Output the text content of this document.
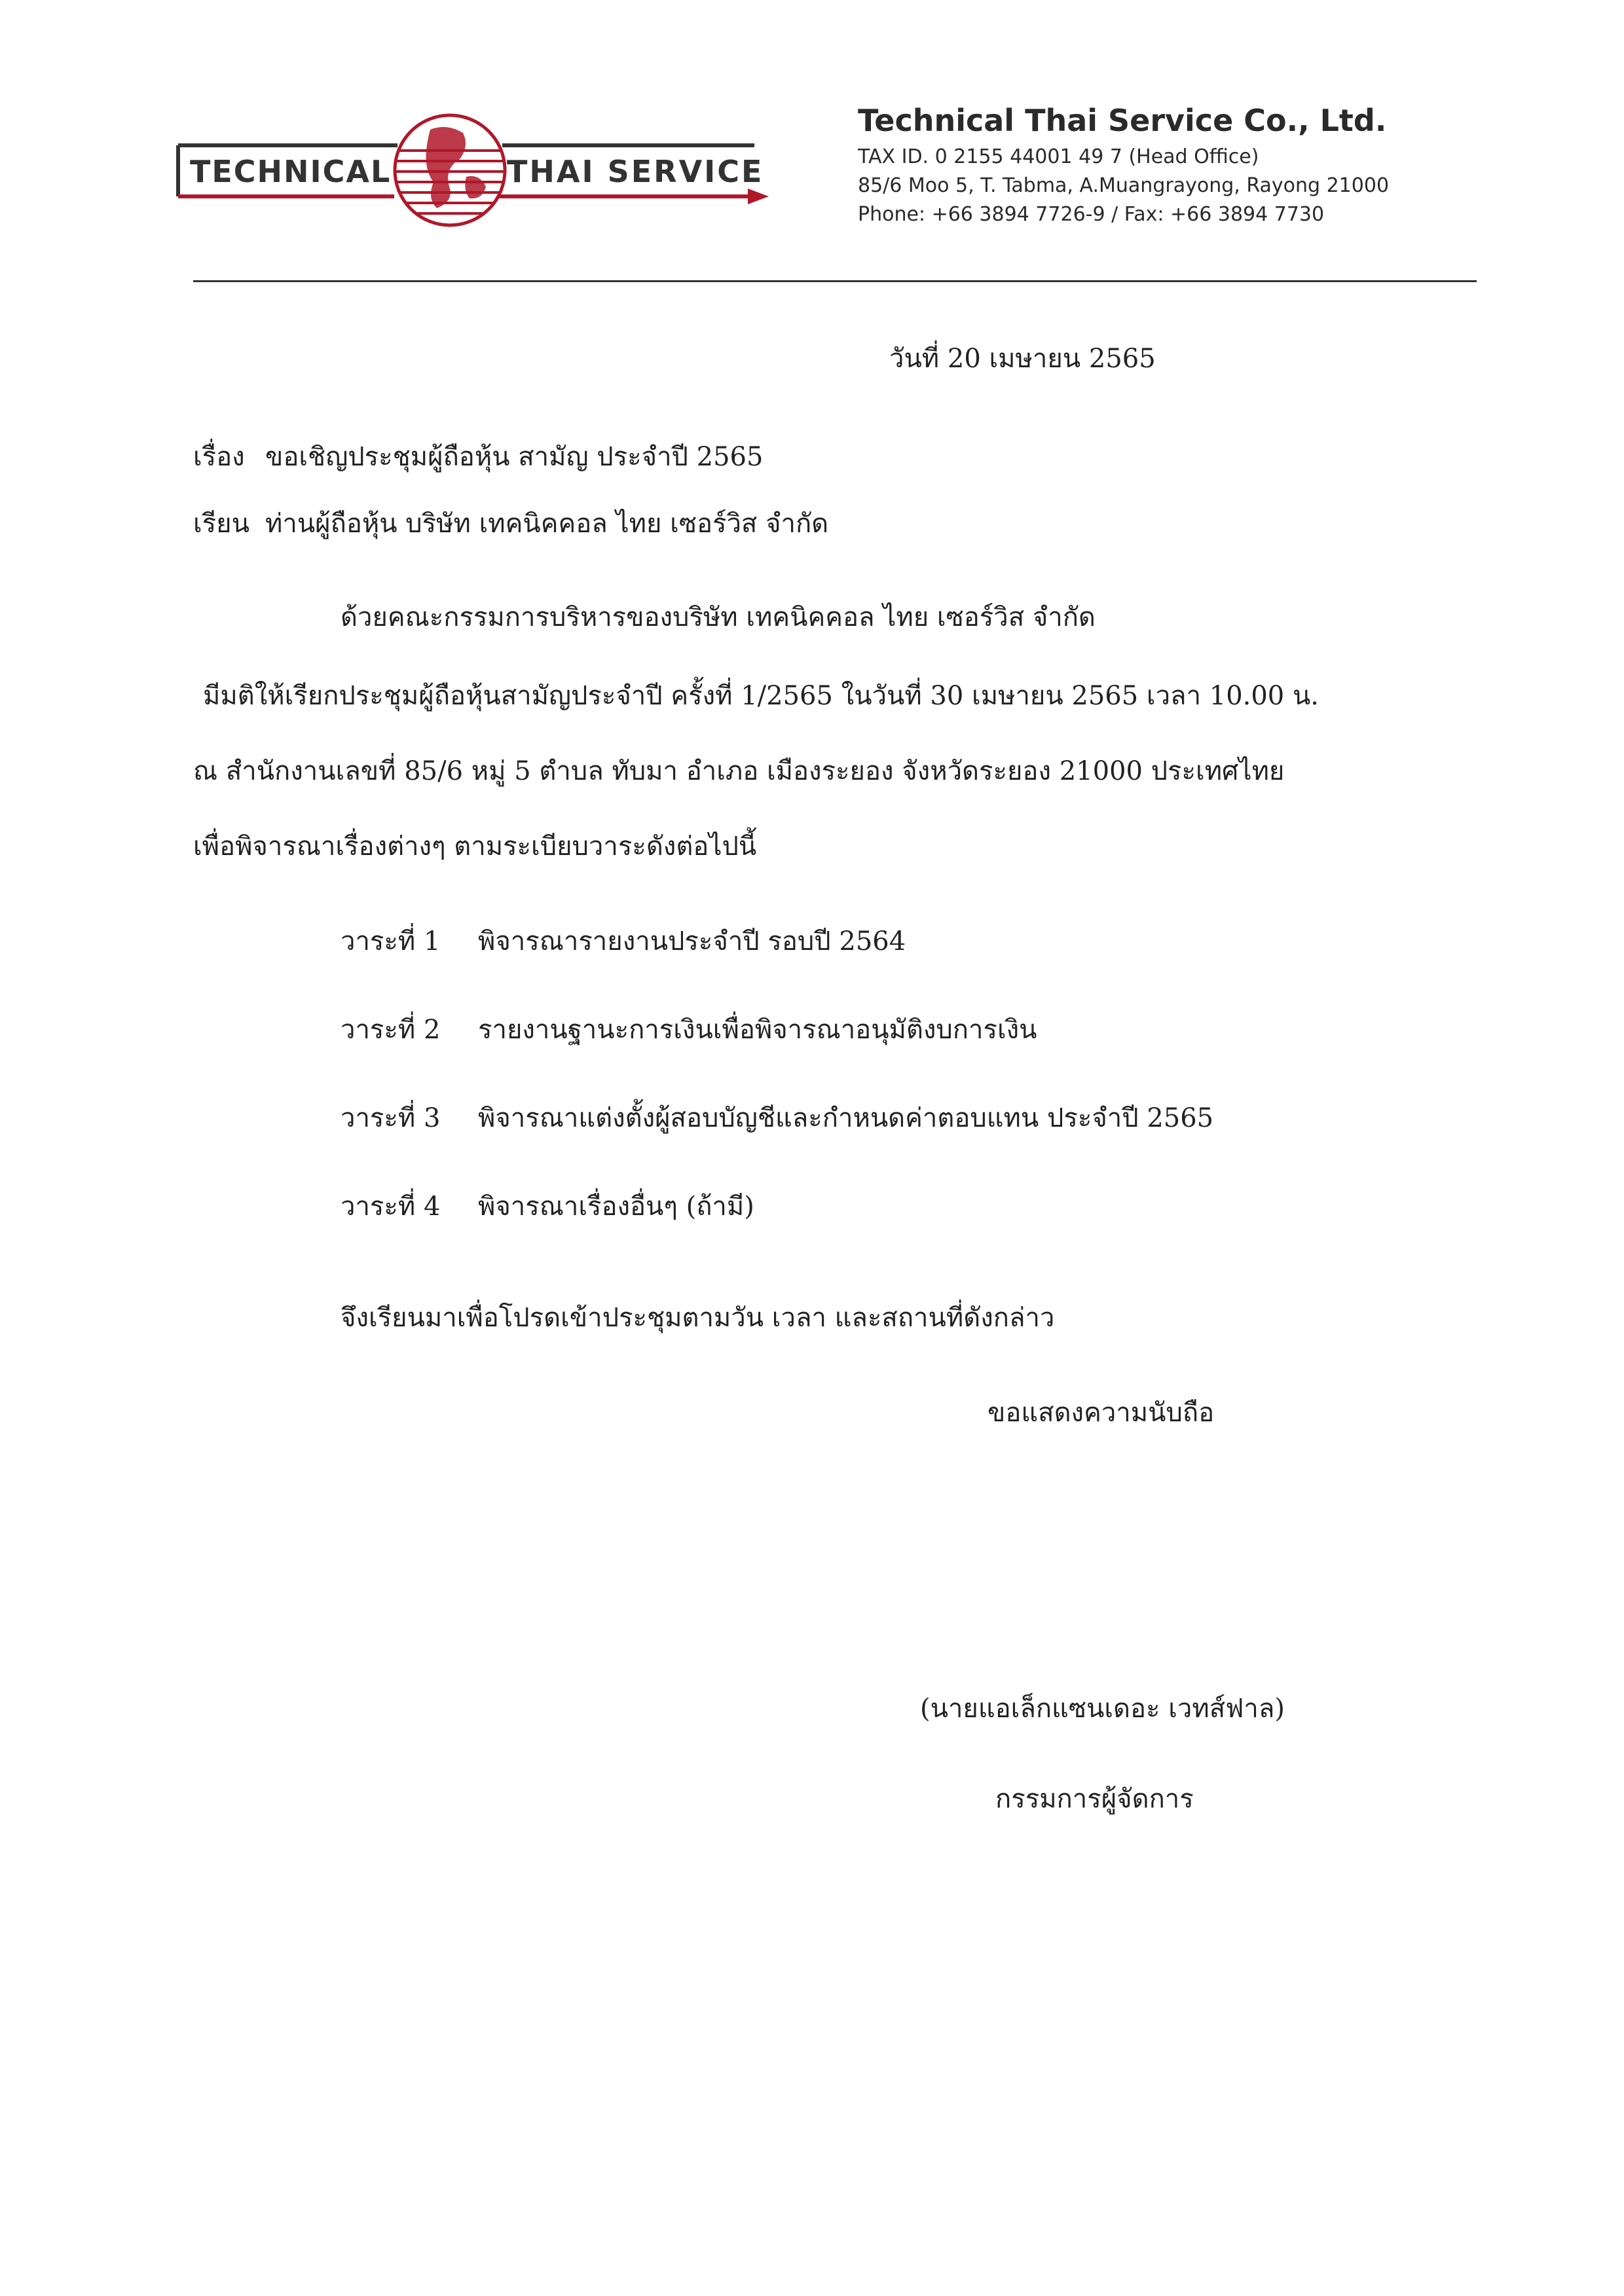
TECHNICAL	THAI SERVICE
Technical Thai Service Co., Ltd.
TAX ID. 0 2155 44001 49 7 (Head Office)
85/6 Moo 5, T. Tabma, A.Muangrayong, Rayong 21000
Phone: +66 3894 7726-9 / Fax: +66 3894 7730
วันที่ 20 เมษายน 2565
เรื่อง ขอเชิญประชุมผู้ถือหุ้น สามัญ ประจำปี 2565
เรียน ท่านผู้ถือหุ้น บริษัท เทคนิคคอล ไทย เซอร์วิส จำกัด
ด้วยคณะกรรมการบริหารของบริษัท เทคนิคคอล ไทย เซอร์วิส จำกัด
มีมติให้เรียกประชุมผู้ถือหุ้นสามัญประจำปี ครั้งที่ 1/2565 ในวันที่ 30 เมษายน 2565 เวลา 10.00 น.
ณ สำนักงานเลขที่ 85/6 หมู่ 5 ตำบล ทับมา อำเภอ เมืองระยอง จังหวัดระยอง 21000 ประเทศไทย
เพื่อพิจารณาเรื่องต่างๆ ตามระเบียบวาระดังต่อไปนี้
วาระที่ 1 พิจารณารายงานประจำปี รอบปี 2564
วาระที่ 2 รายงานฐานะการเงินเพื่อพิจารณาอนุมัติงบการเงิน
วาระที่ 3 พิจารณาแต่งตั้งผู้สอบบัญชีและกำหนดค่าตอบแทน ประจำปี 2565
วาระที่ 4 พิจารณาเรื่องอื่นๆ (ถ้ามี)
จึงเรียนมาเพื่อโปรดเข้าประชุมตามวัน เวลา และสถานที่ดังกล่าว
ขอแสดงความนับถือ
(นายแอเล็กแซนเดอะ เวทส์ฟาล)
กรรมการผู้จัดการ
